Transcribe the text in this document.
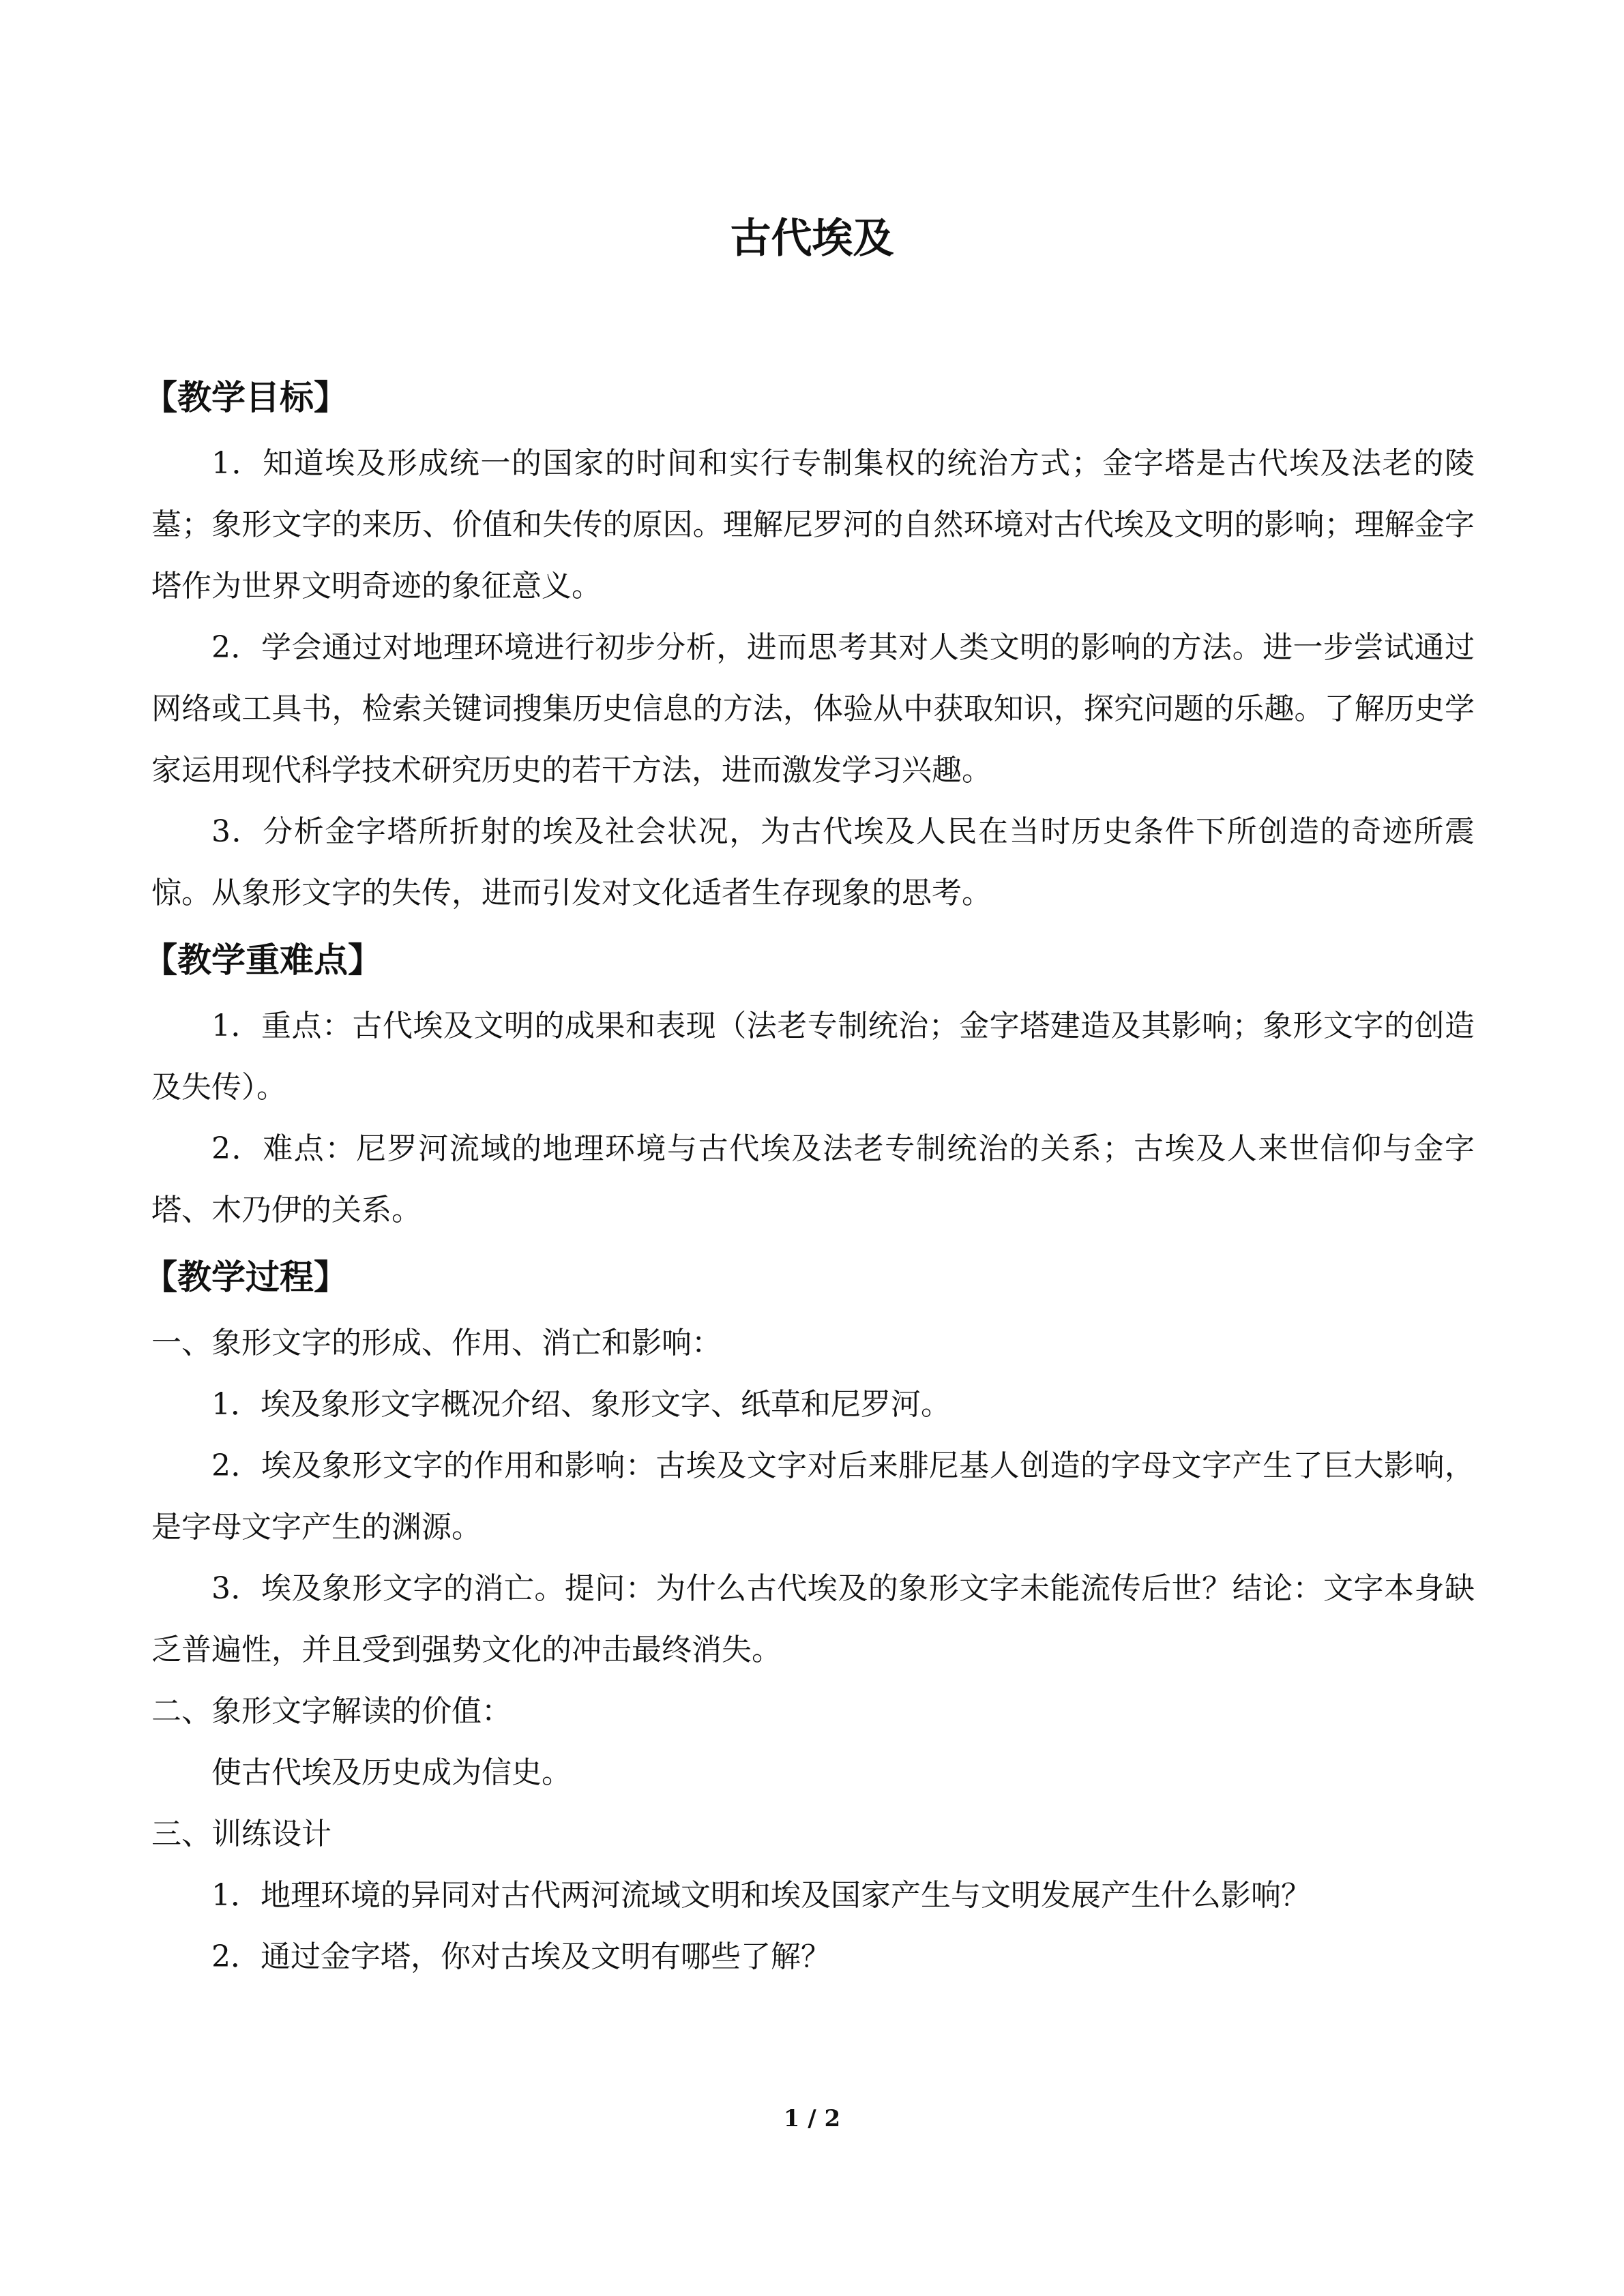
古代埃及
【教学目标】

1．知道埃及形成统一的国家的时间和实行专制集权的统治方式；金字塔是古代埃及法老的陵墓；象形文字的来历、价值和失传的原因。理解尼罗河的自然环境对古代埃及文明的影响；理解金字塔作为世界文明奇迹的象征意义。

2．学会通过对地理环境进行初步分析，进而思考其对人类文明的影响的方法。进一步尝试通过网络或工具书，检索关键词搜集历史信息的方法，体验从中获取知识，探究问题的乐趣。了解历史学家运用现代科学技术研究历史的若干方法，进而激发学习兴趣。

3．分析金字塔所折射的埃及社会状况，为古代埃及人民在当时历史条件下所创造的奇迹所震惊。从象形文字的失传，进而引发对文化适者生存现象的思考。

【教学重难点】

1．重点：古代埃及文明的成果和表现（法老专制统治；金字塔建造及其影响；象形文字的创造及失传）。

2．难点：尼罗河流域的地理环境与古代埃及法老专制统治的关系；古埃及人来世信仰与金字塔、木乃伊的关系。

【教学过程】

一、象形文字的形成、作用、消亡和影响：

1．埃及象形文字概况介绍、象形文字、纸草和尼罗河。

2．埃及象形文字的作用和影响：古埃及文字对后来腓尼基人创造的字母文字产生了巨大影响，是字母文字产生的渊源。

3．埃及象形文字的消亡。提问：为什么古代埃及的象形文字未能流传后世？结论：文字本身缺乏普遍性，并且受到强势文化的冲击最终消失。

二、象形文字解读的价值：

使古代埃及历史成为信史。

三、训练设计

1．地理环境的异同对古代两河流域文明和埃及国家产生与文明发展产生什么影响？

2．通过金字塔，你对古埃及文明有哪些了解？

1 / 2
